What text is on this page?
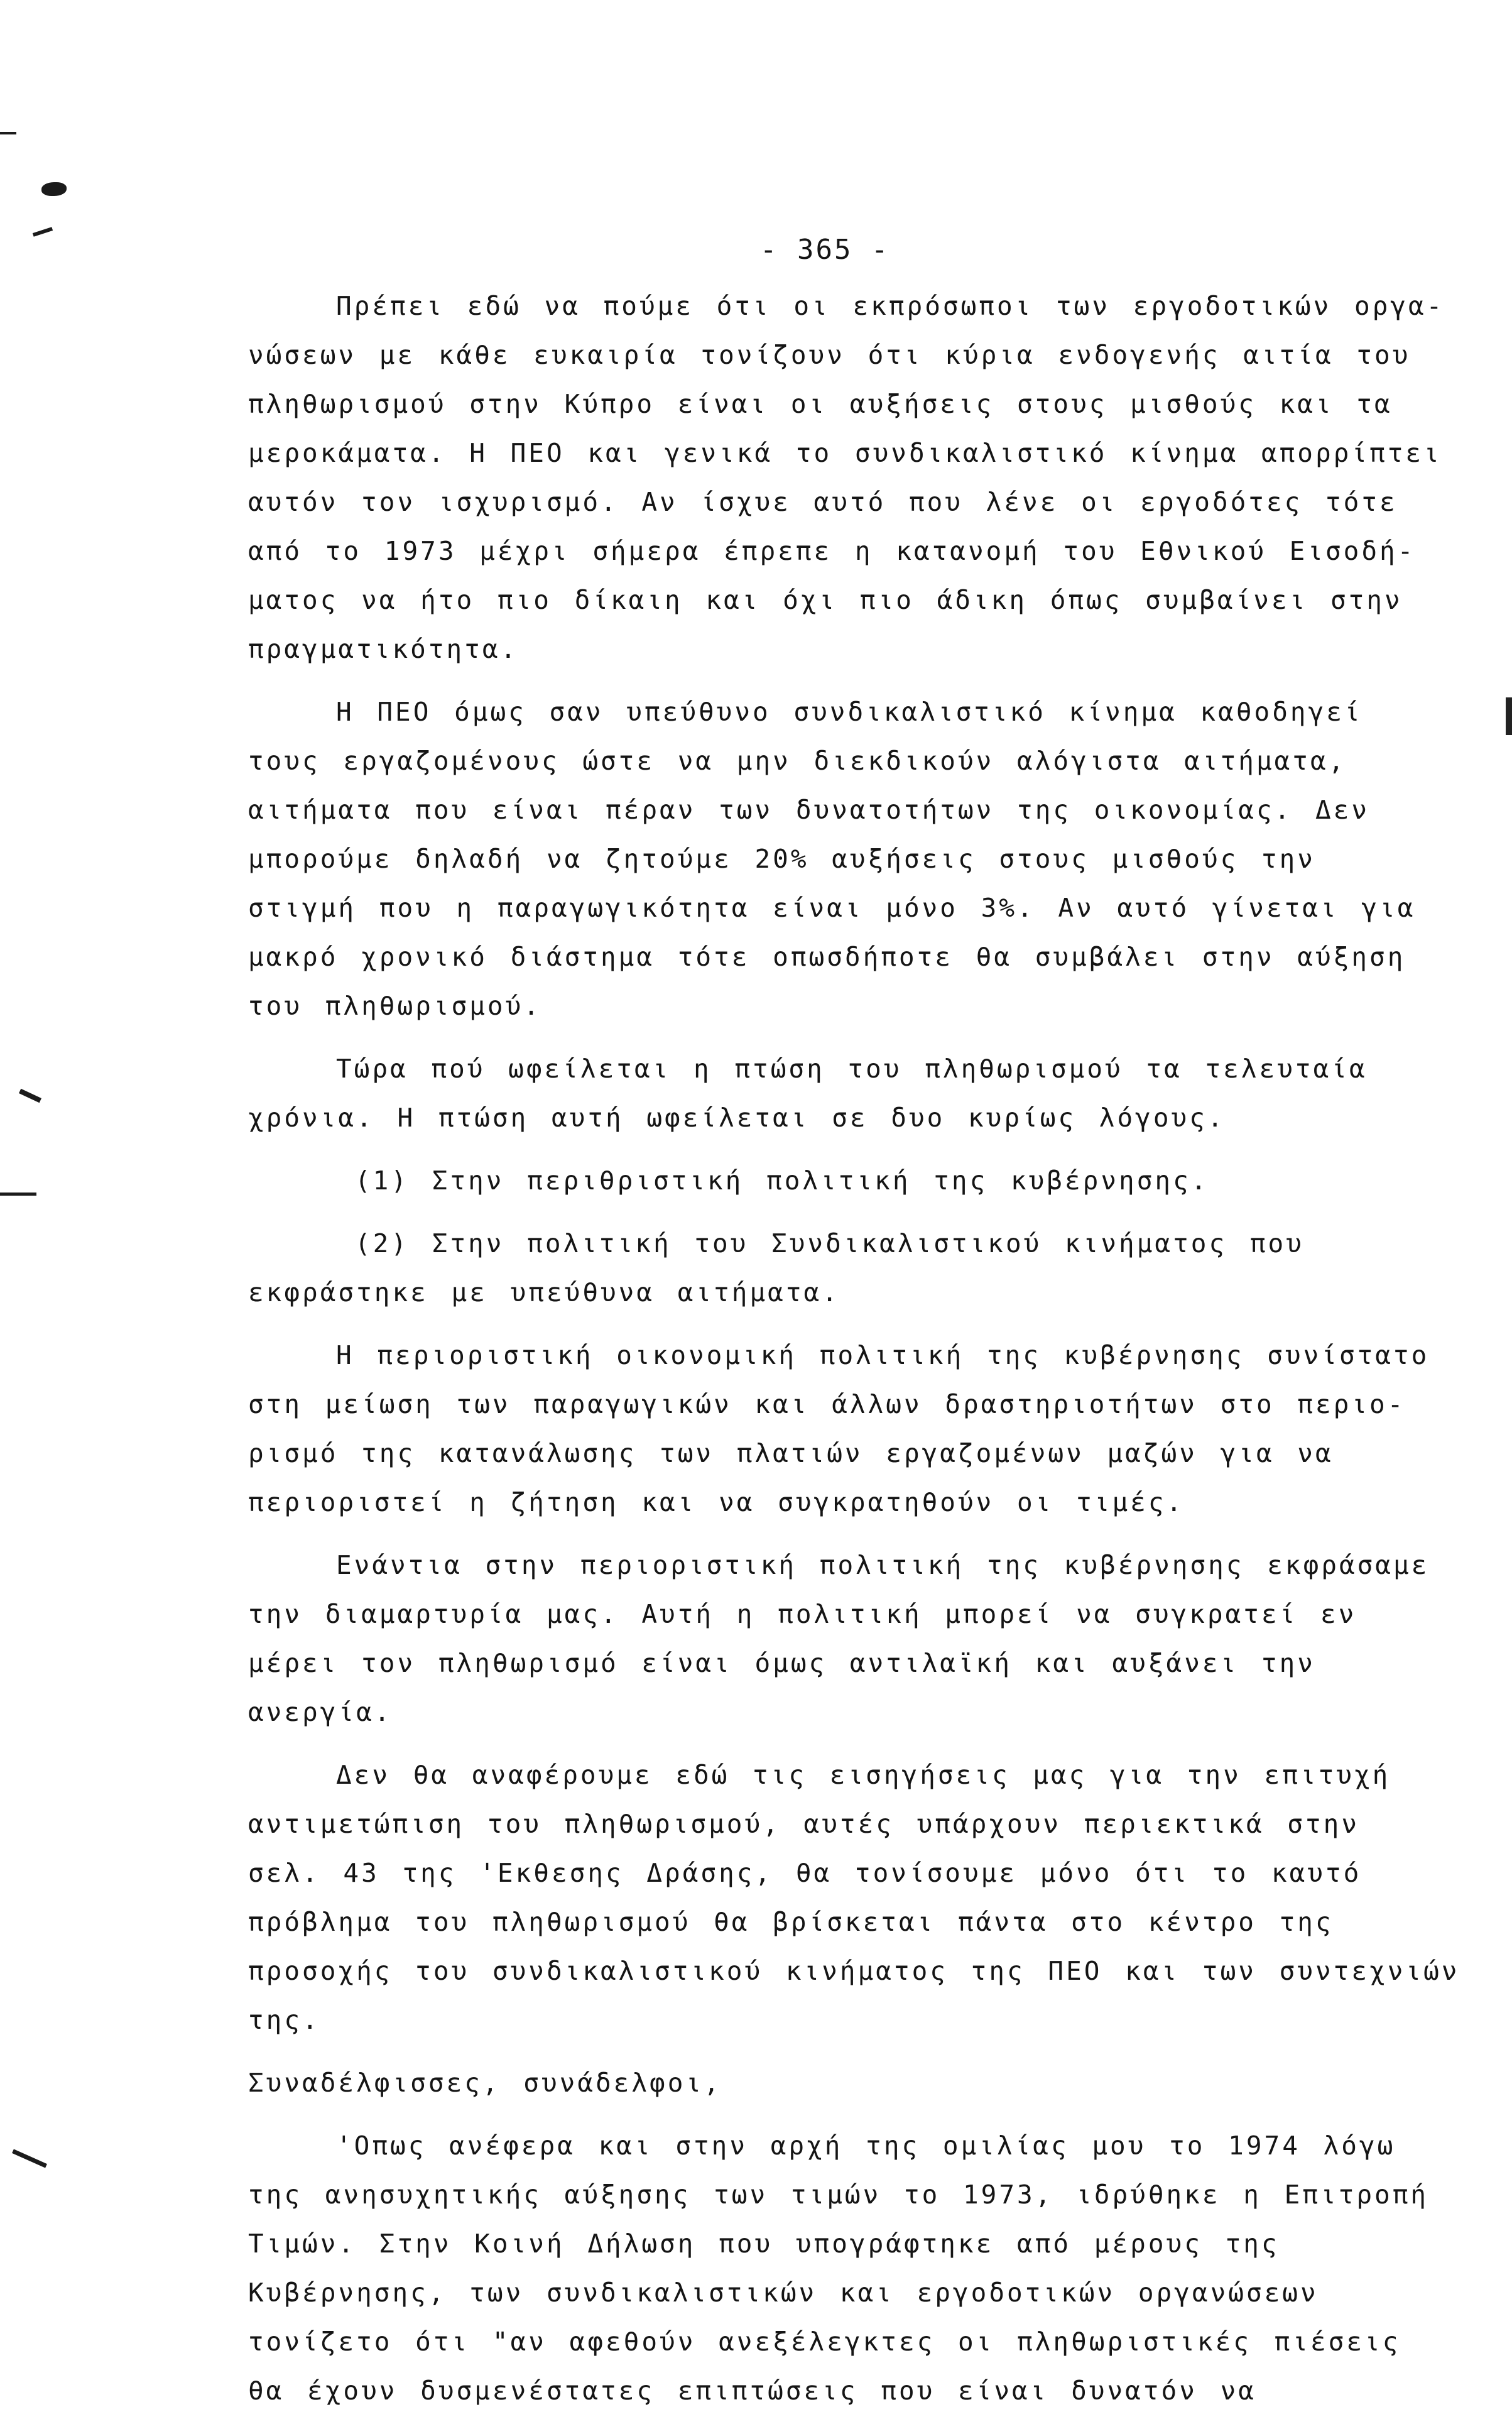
- 365 -
Πρέπει εδώ να πούμε ότι οι εκπρόσωποι των εργοδοτικών οργα-
νώσεων με κάθε ευκαιρία τονίζουν ότι κύρια ενδογενής αιτία του
πληθωρισμού στην Κύπρο είναι οι αυξήσεις στους μισθούς και τα
μεροκάματα. Η ΠΕΟ και γενικά το συνδικαλιστικό κίνημα απορρίπτει
αυτόν τον ισχυρισμό. Αν ίσχυε αυτό που λένε οι εργοδότες τότε
από το 1973 μέχρι σήμερα έπρεπε η κατανομή του Εθνικού Εισοδή-
ματος να ήτο πιο δίκαιη και όχι πιο άδικη όπως συμβαίνει στην
πραγματικότητα.
Η ΠΕΟ όμως σαν υπεύθυνο συνδικαλιστικό κίνημα καθοδηγεί
τους εργαζομένους ώστε να μην διεκδικούν αλόγιστα αιτήματα,
αιτήματα που είναι πέραν των δυνατοτήτων της οικονομίας. Δεν
μπορούμε δηλαδή να ζητούμε 20% αυξήσεις στους μισθούς την
στιγμή που η παραγωγικότητα είναι μόνο 3%. Αν αυτό γίνεται για
μακρό χρονικό διάστημα τότε οπωσδήποτε θα συμβάλει στην αύξηση
του πληθωρισμού.
Τώρα πού ωφείλεται η πτώση του πληθωρισμού τα τελευταία
χρόνια. Η πτώση αυτή ωφείλεται σε δυο κυρίως λόγους.
(1) Στην περιθριστική πολιτική της κυβέρνησης.
(2) Στην πολιτική του Συνδικαλιστικού κινήματος που
εκφράστηκε με υπεύθυνα αιτήματα.
Η περιοριστική οικονομική πολιτική της κυβέρνησης συνίστατο
στη μείωση των παραγωγικών και άλλων δραστηριοτήτων στο περιο-
ρισμό της κατανάλωσης των πλατιών εργαζομένων μαζών για να
περιοριστεί η ζήτηση και να συγκρατηθούν οι τιμές.
Ενάντια στην περιοριστική πολιτική της κυβέρνησης εκφράσαμε
την διαμαρτυρία μας. Αυτή η πολιτική μπορεί να συγκρατεί εν
μέρει τον πληθωρισμό είναι όμως αντιλαϊκή και αυξάνει την
ανεργία.
Δεν θα αναφέρουμε εδώ τις εισηγήσεις μας για την επιτυχή
αντιμετώπιση του πληθωρισμού, αυτές υπάρχουν περιεκτικά στην
σελ. 43 της 'Εκθεσης Δράσης, θα τονίσουμε μόνο ότι το καυτό
πρόβλημα του πληθωρισμού θα βρίσκεται πάντα στο κέντρο της
προσοχής του συνδικαλιστικού κινήματος της ΠΕΟ και των συντεχνιών
της.
Συναδέλφισσες, συνάδελφοι,
'Οπως ανέφερα και στην αρχή της ομιλίας μου το 1974 λόγω
της ανησυχητικής αύξησης των τιμών το 1973, ιδρύθηκε η Επιτροπή
Τιμών. Στην Κοινή Δήλωση που υπογράφτηκε από μέρους της
Κυβέρνησης, των συνδικαλιστικών και εργοδοτικών οργανώσεων
τονίζετο ότι "αν αφεθούν ανεξέλεγκτες οι πληθωριστικές πιέσεις
θα έχουν δυσμενέστατες επιπτώσεις που είναι δυνατόν να
